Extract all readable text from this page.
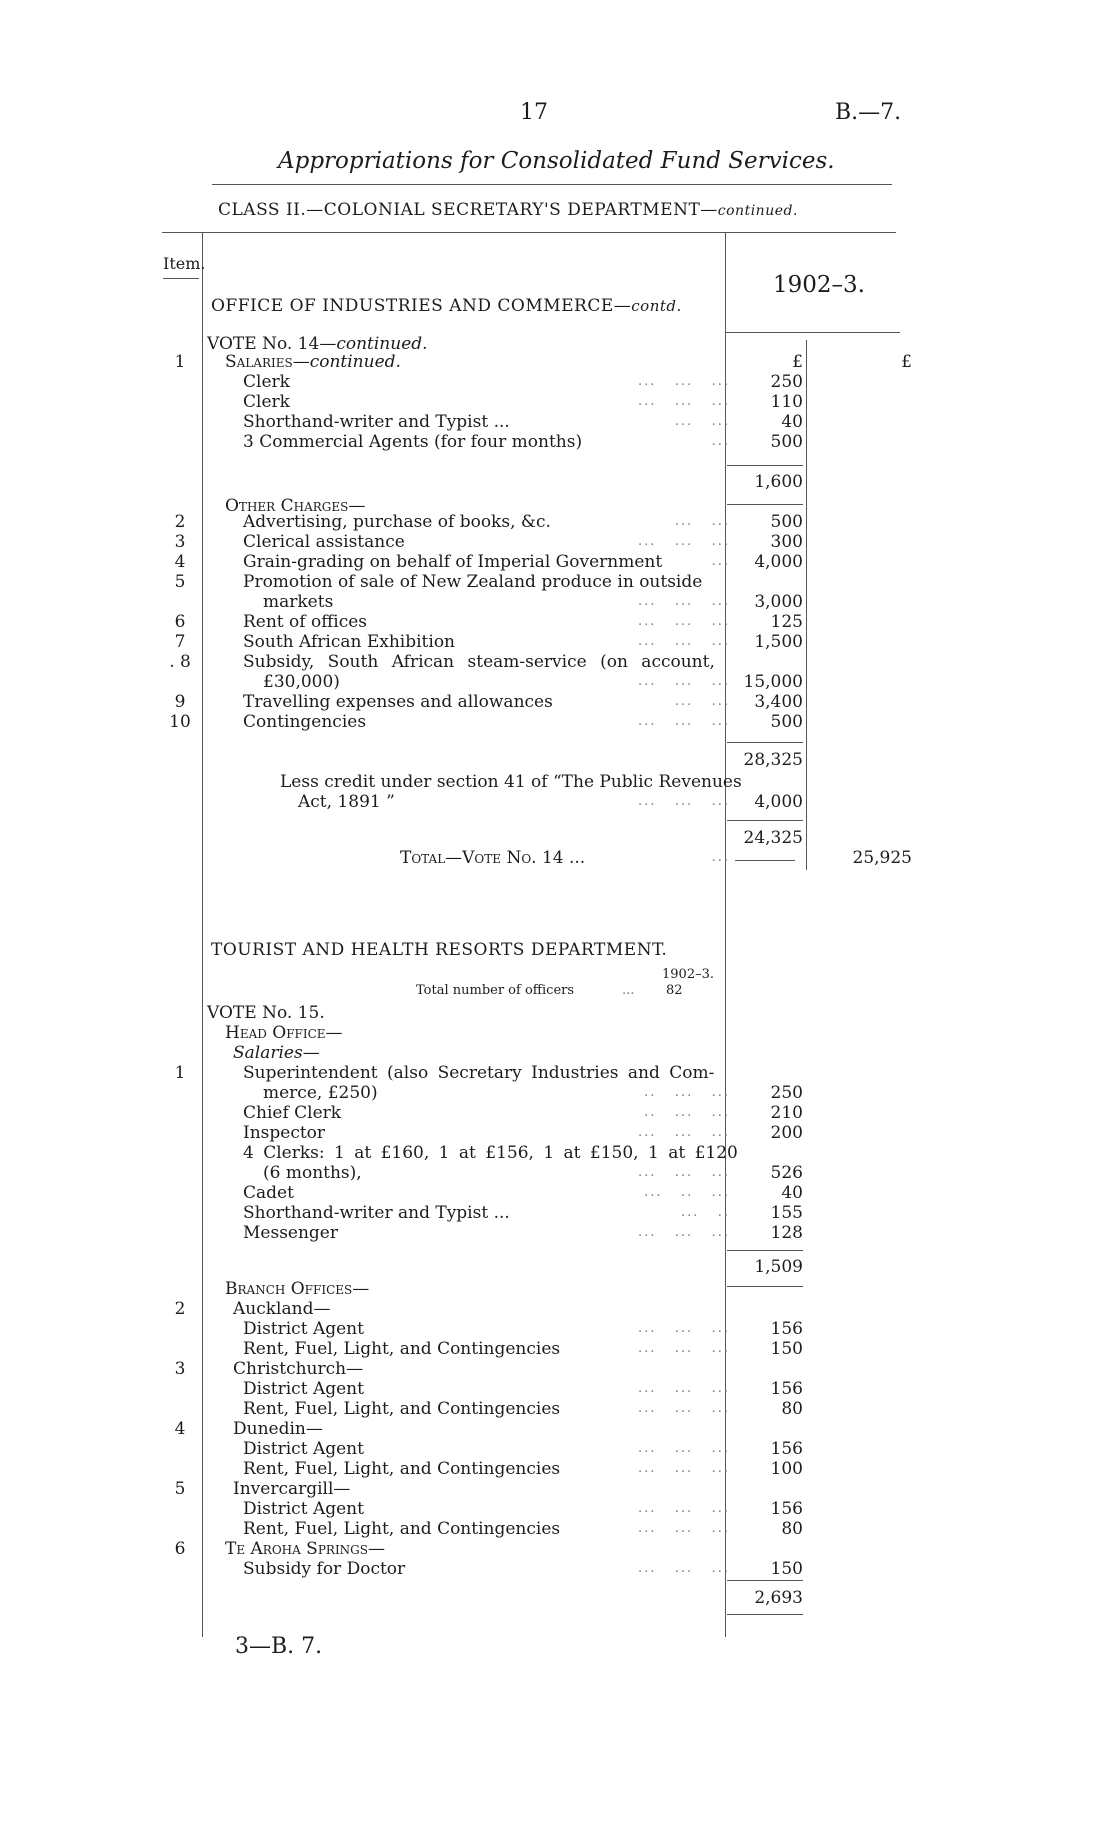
17	B.—7.
Appropriations for Consolidated Fund Services.
CLASS II.—COLONIAL SECRETARY'S DEPARTMENT—continued.
Item.
1902–3.
OFFICE OF INDUSTRIES AND COMMERCE—contd.
VOTE No. 14—continued.
1	Salaries—continued.	£	£
Clerk	...   ...   ...	250
Clerk	...   ...   ...	110
Shorthand-writer and Typist ...	...   ...	40
3 Commercial Agents (for four months)	...	500
1,600
Other Charges—
2	Advertising, purchase of books, &c.	...   ...	500
3	Clerical assistance	...   ...   ...	300
4	Grain-grading on behalf of Imperial Government	...	4,000
5	Promotion of sale of New Zealand produce in outside
markets	...   ...   ...	3,000
6	Rent of offices	...   ...   ...	125
7	South African Exhibition	...   ...   ...	1,500
. 8	Subsidy, South African steam-service (on account,
£30,000)	...   ...   ... 15,000
9	Travelling expenses and allowances	...   ...	3,400
10	Contingencies	...   ...   ...	500
28,325
Less credit under section 41 of “The Public Revenues
Act, 1891 ”	...   ...   ...	4,000
24,325
Total—Vote No. 14 ...	...	25,925
TOURIST AND HEALTH RESORTS DEPARTMENT.
1902–3.
Total number of officers	... 82
VOTE No. 15.
Head Office—
Salaries—
1	Superintendent (also Secretary Industries and Com-
merce, £250)	..   ...   ...	250
Chief Clerk	..   ...   ...	210
Inspector	...   ...   ...	200
4 Clerks: 1 at £160, 1 at £156, 1 at £150, 1 at £120
(6 months),	...   ...   ...	526
Cadet	...   ..   ...	40
Shorthand-writer and Typist ...	...   ..	155
Messenger	...   ...   ...	128
1,509
Branch Offices—
2	Auckland—
District Agent	...   ...   ...	156
Rent, Fuel, Light, and Contingencies	...   ...   ...	150
3	Christchurch—
District Agent	...   ...   ...	156
Rent, Fuel, Light, and Contingencies	...   ...   ...	80
4	Dunedin—
District Agent	...   ...   ...	156
Rent, Fuel, Light, and Contingencies	...   ...   ...	100
5	Invercargill—
District Agent	...   ...   ...	156
Rent, Fuel, Light, and Contingencies	...   ...   ...	80
6	Te Aroha Springs—
Subsidy for Doctor	...   ...   ...	150
2,693
3—B. 7.
